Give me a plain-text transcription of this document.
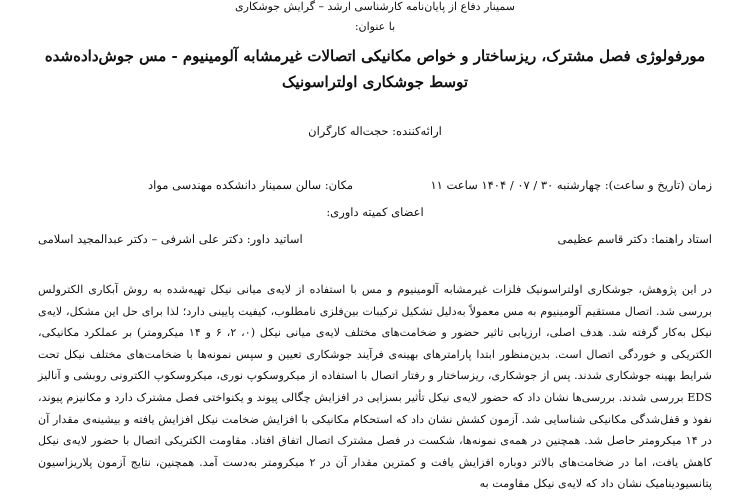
سمینار دفاع از پایان‌نامه کارشناسی ارشد – گرایش جوشکاری
با عنوان:
مورفولوژی فصل مشترک، ریزساختار و خواص مکانیکی اتصالات غیرمشابه آلومینیوم - مس جوش‌داده‌شده توسط جوشکاری اولتراسونیک
ارائه‌کننده: حجت‌اله کارگران
زمان (تاریخ و ساعت): چهارشنبه ۳۰ / ۰۷ / ۱۴۰۴ ساعت ۱۱
مکان: سالن سمینار دانشکده مهندسی مواد
اعضای کمیته داوری:
استاد راهنما: دکتر قاسم عظیمی
اساتید داور: دکتر علی اشرفی – دکتر عبدالمجید اسلامی

در این پژوهش، جوشکاری اولتراسونیک فلزات غیرمشابه آلومینیوم و مس با استفاده از لایه‌ی میانی نیکل تهیه‌شده به روش آبکاری الکترولس بررسی شد. اتصال مستقیم آلومینیوم به مس معمولاً به‌دلیل تشکیل ترکیبات بین‌فلزی نامطلوب، کیفیت پایینی دارد؛ لذا برای حل این مشکل، لایه‌ی نیکل به‌کار گرفته شد. هدف اصلی، ارزیابی تاثیر حضور و ضخامت‌های مختلف لایه‌ی میانی نیکل (۰، ۲، ۶ و ۱۴ میکرومتر) بر عملکرد مکانیکی، الکتریکی و خوردگی اتصال است. بدین‌منظور ابتدا پارامترهای بهینه‌ی فرآیند جوشکاری تعیین و سپس نمونه‌ها با ضخامت‌های مختلف نیکل تحت شرایط بهینه جوشکاری شدند. پس از جوشکاری، ریزساختار و رفتار اتصال با استفاده از میکروسکوپ نوری، میکروسکوپ الکترونی روبشی و آنالیز EDS بررسی شدند. بررسی‌ها نشان داد که حضور لایه‌ی نیکل تأثیر بسزایی در افزایش چگالی پیوند و یکنواختی فصل مشترک دارد و مکانیزم پیوند، نفوذ و قفل‌شدگی مکانیکی شناسایی شد. آزمون کشش نشان داد که استحکام مکانیکی با افزایش ضخامت نیکل افزایش یافته و بیشینه‌ی مقدار آن در ۱۴ میکرومتر حاصل شد. همچنین در همه‌ی نمونه‌ها، شکست در فصل مشترک اتصال اتفاق افتاد. مقاومت الکتریکی اتصال با حضور لایه‌ی نیکل کاهش یافت، اما در ضخامت‌های بالاتر دوباره افزایش یافت و کمترین مقدار آن در ۲ میکرومتر به‌دست آمد. همچنین، نتایج آزمون پلاریزاسیون پتانسیودینامیک نشان داد که لایه‌ی نیکل مقاومت به
